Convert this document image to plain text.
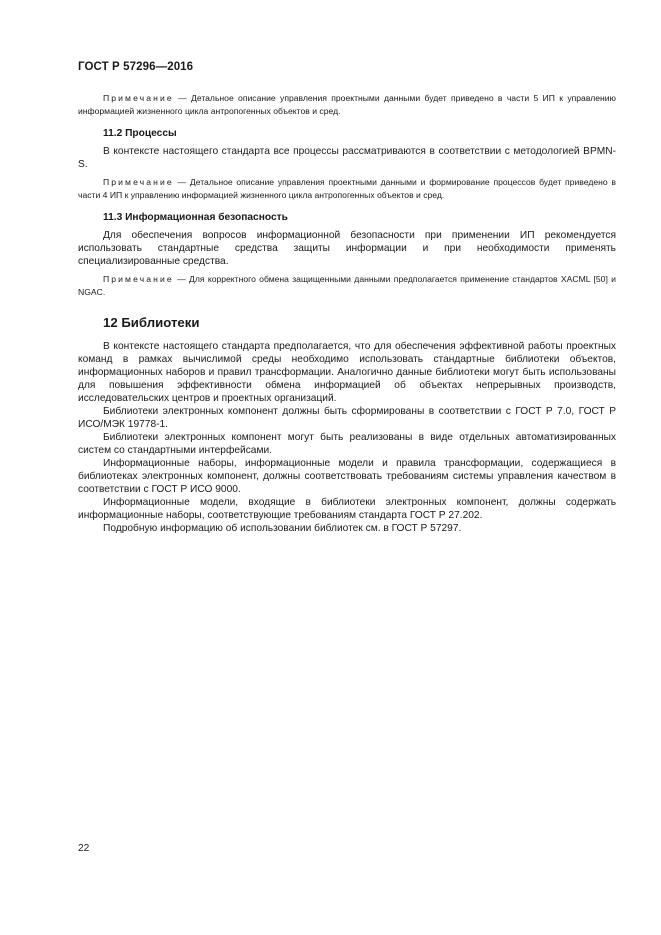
ГОСТ Р 57296—2016

Примечание — Детальное описание управления проектными данными будет приведено в части 5 ИП к управлению информацией жизненного цикла антропогенных объектов и сред.

11.2 Процессы

В контексте настоящего стандарта все процессы рассматриваются в соответствии с методологией BPMN-S.

Примечание — Детальное описание управления проектными данными и формирование процессов будет приведено в части 4 ИП к управлению информацией жизненного цикла антропогенных объектов и сред.

11.3 Информационная безопасность

Для обеспечения вопросов информационной безопасности при применении ИП рекомендуется использовать стандартные средства защиты информации и при необходимости применять специализированные средства.

Примечание — Для корректного обмена защищенными данными предполагается применение стандартов XACML [50] и NGAC.

12 Библиотеки

В контексте настоящего стандарта предполагается, что для обеспечения эффективной работы проектных команд в рамках вычислимой среды необходимо использовать стандартные библиотеки объектов, информационных наборов и правил трансформации. Аналогично данные библиотеки могут быть использованы для повышения эффективности обмена информацией об объектах непрерывных производств, исследовательских центров и проектных организаций.

Библиотеки электронных компонент должны быть сформированы в соответствии с ГОСТ Р 7.0, ГОСТ Р ИСО/МЭК 19778-1.

Библиотеки электронных компонент могут быть реализованы в виде отдельных автоматизированных систем со стандартными интерфейсами.

Информационные наборы, информационные модели и правила трансформации, содержащиеся в библиотеках электронных компонент, должны соответствовать требованиям системы управления качеством в соответствии с ГОСТ Р ИСО 9000.

Информационные модели, входящие в библиотеки электронных компонент, должны содержать информационные наборы, соответствующие требованиям стандарта ГОСТ Р 27.202.

Подробную информацию об использовании библиотек см. в ГОСТ Р 57297.

22
